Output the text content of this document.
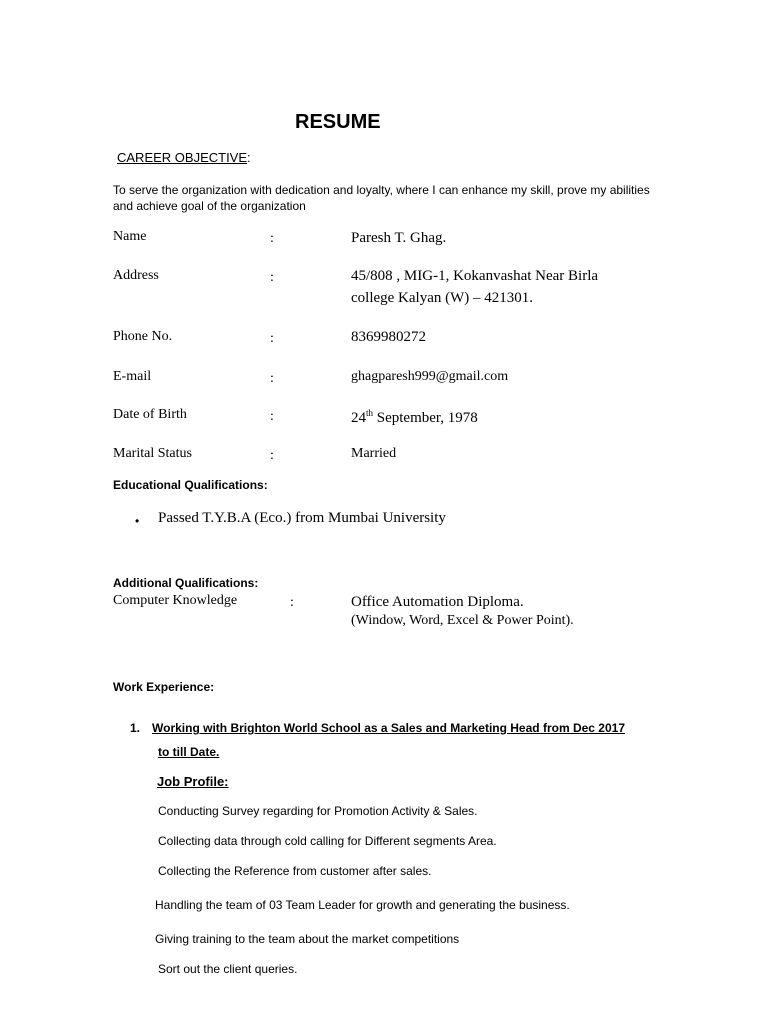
RESUME
CAREER OBJECTIVE:
To serve the organization with dedication and loyalty, where I can enhance my skill, prove my abilities and achieve goal of the organization
Name	:	Paresh T. Ghag.
Address	:	45/808 , MIG-1, Kokanvashat Near Birla
college Kalyan (W) – 421301.
Phone No.	:	8369980272
E-mail	:	ghagparesh999@gmail.com
Date of Birth	:	24th September, 1978
Marital Status	:	Married
Educational Qualifications:
• Passed T.Y.B.A (Eco.) from Mumbai University
Additional Qualifications:
Computer Knowledge	:	Office Automation Diploma.
(Window, Word, Excel & Power Point).
Work Experience:
1. Working with Brighton World School as a Sales and Marketing Head from Dec 2017
to till Date.
Job Profile:
Conducting Survey regarding for Promotion Activity & Sales.
Collecting data through cold calling for Different segments Area.
Collecting the Reference from customer after sales.
Handling the team of 03 Team Leader for growth and generating the business.
Giving training to the team about the market competitions
Sort out the client queries.
